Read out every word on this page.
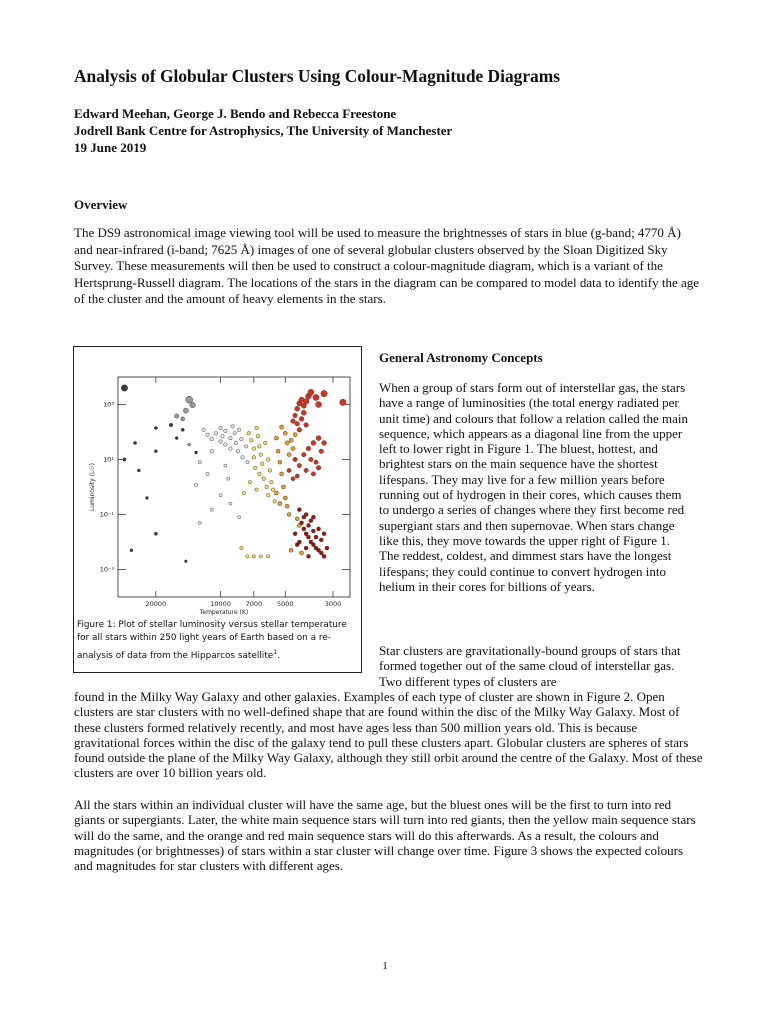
Analysis of Globular Clusters Using Colour-Magnitude Diagrams
Edward Meehan, George J. Bendo and Rebecca Freestone
Jodrell Bank Centre for Astrophysics, The University of Manchester
19 June 2019
Overview

The DS9 astronomical image viewing tool will be used to measure the brightnesses of stars in blue (g-band; 4770 Å) and near-infrared (i-band; 7625 Å) images of one of several globular clusters observed by the Sloan Digitized Sky Survey. These measurements will then be used to construct a colour-magnitude diagram, which is a variant of the Hertsprung-Russell diagram. The locations of the stars in the diagram can be compared to model data to identify the age of the cluster and the amount of heavy elements in the stars.

10⁻³
10⁻¹
10¹
10³
20000	10000 7000 5000	3000
Temperature (K)
Luminosity (L☉)
Figure 1: Plot of stellar luminosity versus stellar temperature for all stars within 250 light years of Earth based on a re-analysis of data from the Hipparcos satellite$^1$.
General Astronomy Concepts

When a group of stars form out of interstellar gas, the stars have a range of luminosities (the total energy radiated per unit time) and colours that follow a relation called the main sequence, which appears as a diagonal line from the upper left to lower right in Figure 1. The bluest, hottest, and brightest stars on the main sequence have the shortest lifespans. They may live for a few million years before running out of hydrogen in their cores, which causes them to undergo a series of changes where they first become red supergiant stars and then supernovae. When stars change like this, they move towards the upper right of Figure 1. The reddest, coldest, and dimmest stars have the longest lifespans; they could continue to convert hydrogen into helium in their cores for billions of years.

Star clusters are gravitationally-bound groups of stars that formed together out of the same cloud of interstellar gas. Two different types of clusters are

found in the Milky Way Galaxy and other galaxies. Examples of each type of cluster are shown in Figure 2. Open clusters are star clusters with no well-defined shape that are found within the disc of the Milky Way Galaxy. Most of these clusters formed relatively recently, and most have ages less than 500 million years old. This is because gravitational forces within the disc of the galaxy tend to pull these clusters apart. Globular clusters are spheres of stars found outside the plane of the Milky Way Galaxy, although they still orbit around the centre of the Galaxy. Most of these clusters are over 10 billion years old.

All the stars within an individual cluster will have the same age, but the bluest ones will be the first to turn into red giants or supergiants. Later, the white main sequence stars will turn into red giants, then the yellow main sequence stars will do the same, and the orange and red main sequence stars will do this afterwards. As a result, the colours and magnitudes (or brightnesses) of stars within a star cluster will change over time. Figure 3 shows the expected colours and magnitudes for star clusters with different ages.

1
